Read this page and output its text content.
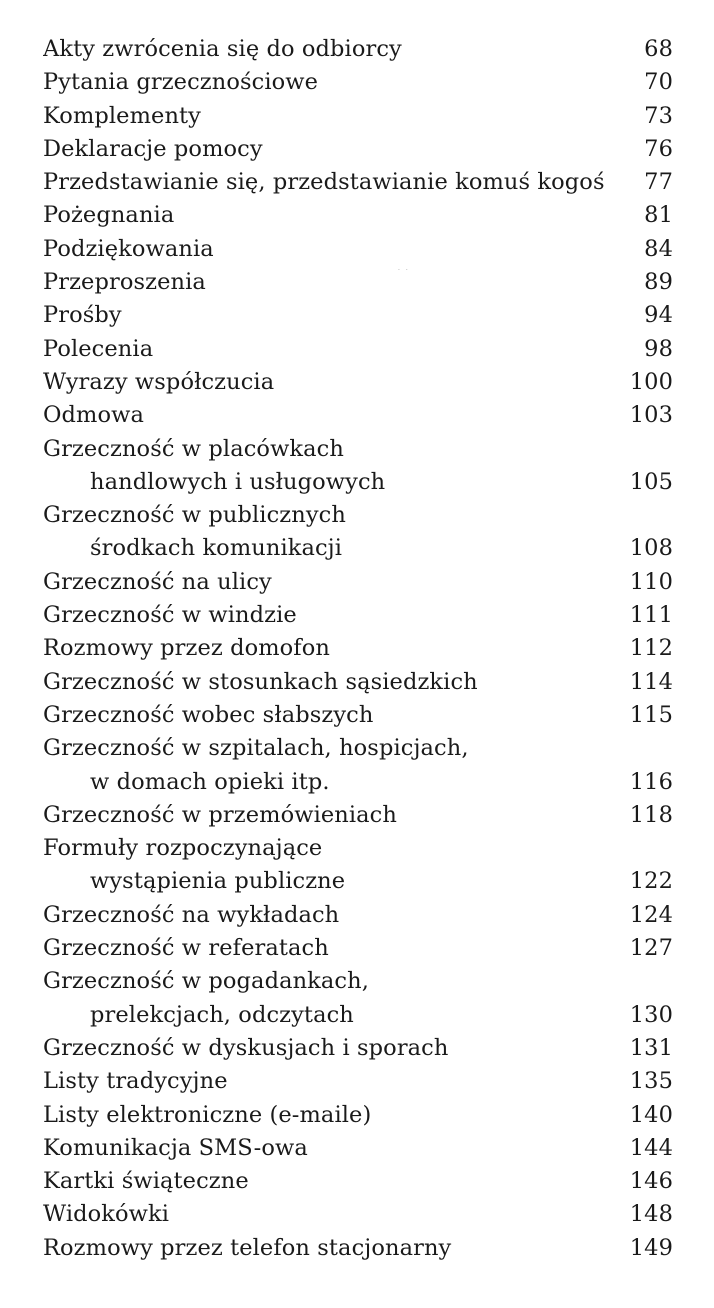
Akty zwrócenia się do odbiorcy	68
Pytania grzecznościowe	70
Komplementy	73
Deklaracje pomocy	76
Przedstawianie się, przedstawianie komuś kogoś	77
Pożegnania	81
Podziękowania	84
Przeproszenia	89
Prośby	94
Polecenia	98
Wyrazy współczucia	100
Odmowa	103
Grzeczność w placówkach
handlowych i usługowych	105
Grzeczność w publicznych
środkach komunikacji	108
Grzeczność na ulicy	110
Grzeczność w windzie	111
Rozmowy przez domofon	112
Grzeczność w stosunkach sąsiedzkich	114
Grzeczność wobec słabszych	115
Grzeczność w szpitalach, hospicjach,
w domach opieki itp.	116
Grzeczność w przemówieniach	118
Formuły rozpoczynające
wystąpienia publiczne	122
Grzeczność na wykładach	124
Grzeczność w referatach	127
Grzeczność w pogadankach,
prelekcjach, odczytach	130
Grzeczność w dyskusjach i sporach	131
Listy tradycyjne	135
Listy elektroniczne (e-maile)	140
Komunikacja SMS-owa	144
Kartki świąteczne	146
Widokówki	148
Rozmowy przez telefon stacjonarny	149
· ·
